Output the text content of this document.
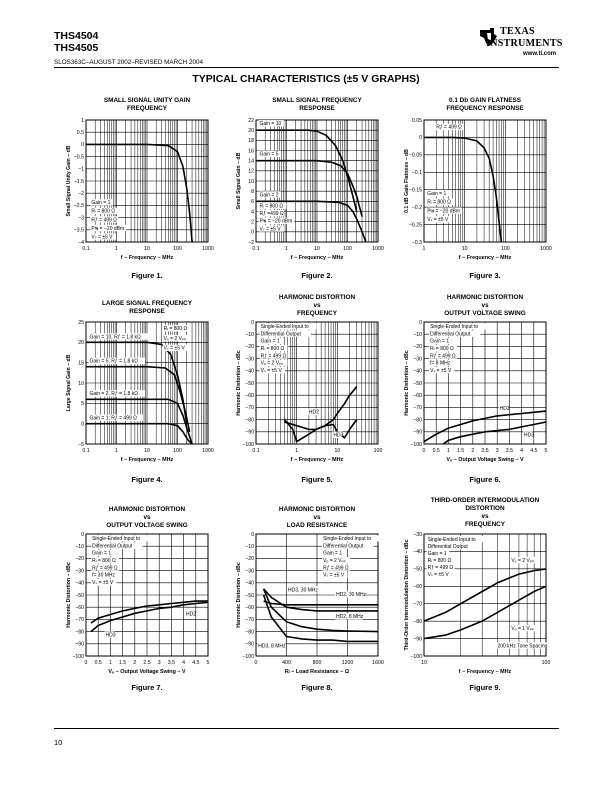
THS4504
THS4505
SLOS363C–AUGUST 2002–REVISED MARCH 2004
TEXAS
INSTRUMENTS
www.ti.com
TYPICAL CHARACTERISTICS (±5 V GRAPHS)
SMALL SIGNAL UNITY GAIN
FREQUENCY
SMALL SIGNAL FREQUENCY
RESPONSE
0.1 Db GAIN FLATNESS
FREQUENCY RESPONSE
LARGE SIGNAL FREQUENCY
RESPONSE
HARMONIC DISTORTION
vs
FREQUENCY
HARMONIC DISTORTION
vs
OUTPUT VOLTAGE SWING
HARMONIC DISTORTION
vs
OUTPUT VOLTAGE SWING
HARMONIC DISTORTION
vs
LOAD RESISTANCE
THIRD-ORDER INTERMODULATION
DISTORTION
vs
FREQUENCY
0.1	1	10	100	1000
1
0.5
0
−0.5
−1
−1.5
−2
−2.5
−3
−3.5
−4
Gain = 1
Rₗ = 800 Ω
Rƒ = 499 Ω
Pᴵɴ = −20 dBm
Vₛ = ±5 V
f − Frequency − MHz
Small Signal Unity Gain − dB
0.1	1	10	100	1000
22
20
18
16
14
12
10
8
6
4
2
0
−2
Gain = 10
Gain = 5
Gain = 2
Rₗ = 800 Ω
Rƒ =499 Ω
Pᴵɴ = −20 dBm
Vₛ = ±5 V
f − Frequency − MHz
Small Signal Gain − dB
1	10	100	1000
0.05
0
−0.05
−0.1
−0.15
−0.2
−0.25
−0.3
Rƒ = 499 Ω
Gain = 1
Rₗ = 800 Ω
Pᴵɴ = −20 dBm
Vₛ = ±5 V
f − Frequency − MHz
0.1 dB Gain Flatness − dB
0.1	1	10	100	1000
25
20
15
10
5
0
−5
Gain = 10, Rƒ = 1.8 kΩ
Gain = 5, Rƒ = 1.8 kΩ
Gain = 2, Rƒ = 1.8 kΩ
Gain = 1, Rƒ = 499 Ω
Rₗ = 800 Ω
Vₒ = 2 Vₚₚ
Vₛ = ±5 V
f − Frequency − MHz
Large Signal Gain − dB
0.1	1	10	100
0
−10
−20
−30
−40
−50
−60
−70
−80
−90
−100
Single-Ended Input to
Differential Output
Gain = 1
Rₗ = 800 Ω
Rƒ = 499 Ω
Vₒ = 2 Vₚₚ
Vₛ = ±5 V
HD2
HD3
f − Frequency − MHz
Harmonic Distortion − dBc
0 0.5 1 1.5 2 2.5 3 3.5 4 4.5 5
0
−10
−20
−30
−40
−50
−60
−70
−80
−90
−100
Single-Ended Input to
Differential Output
Gain = 1
Rₗ = 800 Ω
Rƒ = 499 Ω
f= 8 MHz
Vₛ = ±5 V
HD2
HD3
Vₒ − Output Voltage Swing − V
Harmonic Distortion − dBc
0 0.5 1 1.5 2 2.5 3 3.5 4 4.5 5
0
−10
−20
−30
−40
−50
−60
−70
−80
−90
−100
Single-Ended Input to
Differential Output
Gain = 1
Rₗ = 800 Ω
Rƒ = 499 Ω
f= 30 MHz
Vₛ = ±5 V
HD2
HD3
Vₒ − Output Voltage Swing − V
Harmonic Distortion − dBc
0	400	800	1200	1600
0
−10
−20
−30
−40
−50
−60
−70
−80
−90
−100
Single-Ended Input to
Differential Output
Gain = 1
Vₒ = 2 Vₚₚ
Rƒ = 499 Ω
Vₛ = ±5 V
HD3, 30 MHz
HD2, 30 MHz
HD2, 8 MHz
HD3, 8 MHz
Rₗ − Load Resistance − Ω
Harmonic Distortion − dBc
10	100
−30
−40
−50
−60
−70
−80
−90
−100
Single-Ended Input to
Differential Output
Gain = 1
Rₗ = 800 Ω
Rƒ = 499 Ω
Vₛ = ±5 V
Vₒ = 2 Vₚₚ
Vₒ = 1 Vₚₚ
200 kHz Tone Spacing
f − Frequency − MHz
Third-Order Intermodulation Distortion − dBc
Figure 1.	Figure 2.	Figure 3.
Figure 4.	Figure 5.	Figure 6.
Figure 7.	Figure 8.	Figure 9.
10
